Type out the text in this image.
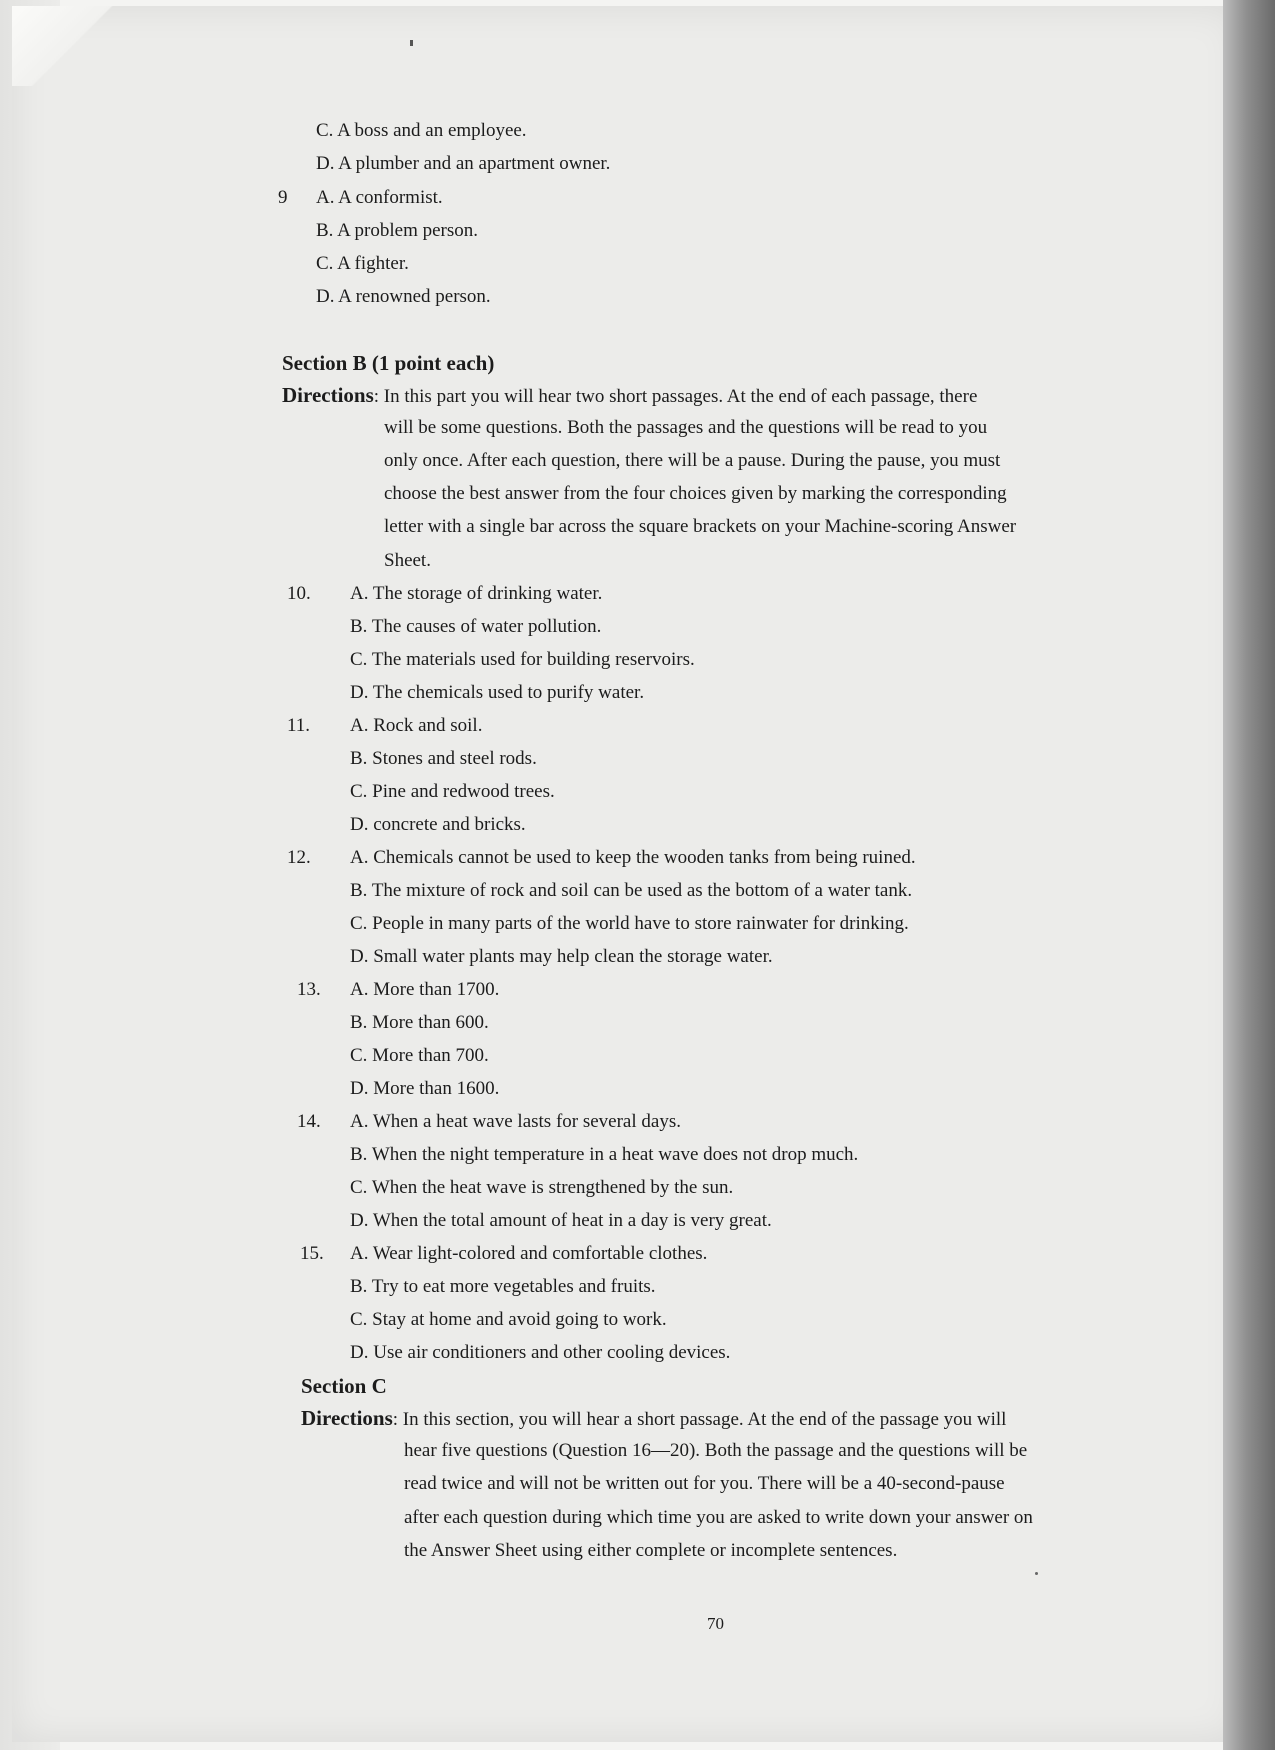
C. A boss and an employee.
D. A plumber and an apartment owner.
9 A. A conformist.
B. A problem person.
C. A fighter.
D. A renowned person.
Section B (1 point each)
Directions: In this part you will hear two short passages. At the end of each passage, there
will be some questions. Both the passages and the questions will be read to you
only once. After each question, there will be a pause. During the pause, you must
choose the best answer from the four choices given by marking the corresponding
letter with a single bar across the square brackets on your Machine-scoring Answer
Sheet.
10. A. The storage of drinking water.
B. The causes of water pollution.
C. The materials used for building reservoirs.
D. The chemicals used to purify water.
11. A. Rock and soil.
B. Stones and steel rods.
C. Pine and redwood trees.
D. concrete and bricks.
12. A. Chemicals cannot be used to keep the wooden tanks from being ruined.
B. The mixture of rock and soil can be used as the bottom of a water tank.
C. People in many parts of the world have to store rainwater for drinking.
D. Small water plants may help clean the storage water.
13. A. More than 1700.
B. More than 600.
C. More than 700.
D. More than 1600.
14. A. When a heat wave lasts for several days.
B. When the night temperature in a heat wave does not drop much.
C. When the heat wave is strengthened by the sun.
D. When the total amount of heat in a day is very great.
15. A. Wear light-colored and comfortable clothes.
B. Try to eat more vegetables and fruits.
C. Stay at home and avoid going to work.
D. Use air conditioners and other cooling devices.
Section C
Directions: In this section, you will hear a short passage. At the end of the passage you will
hear five questions (Question 16—20). Both the passage and the questions will be
read twice and will not be written out for you. There will be a 40-second-pause
after each question during which time you are asked to write down your answer on
the Answer Sheet using either complete or incomplete sentences.
70
